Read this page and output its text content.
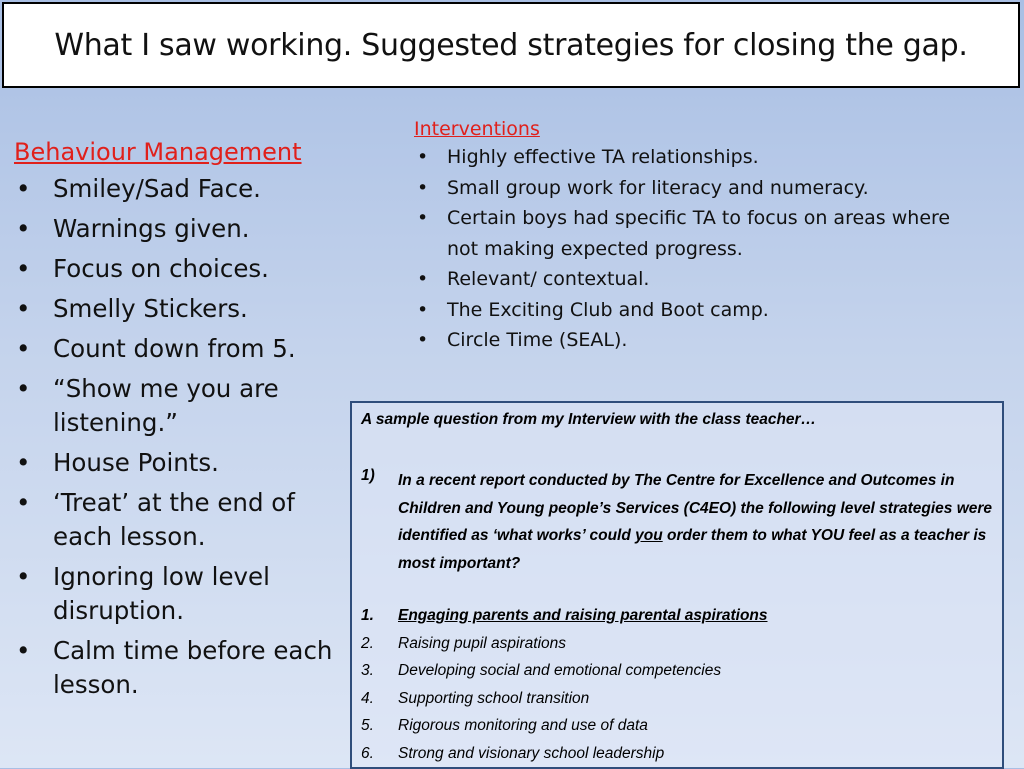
What I saw working. Suggested strategies for closing the gap.
Behaviour Management
• Smiley/Sad Face.
• Warnings given.
• Focus on choices.
• Smelly Stickers.
• Count down from 5.
• “Show me you are listening.”
• House Points.
• ‘Treat’ at the end of each lesson.
• Ignoring low level disruption.
• Calm time before each lesson.
Interventions
• Highly effective TA relationships.
• Small group work for literacy and numeracy.
• Certain boys had specific TA to focus on areas where not making expected progress.
• Relevant/ contextual.
• The Exciting Club and Boot camp.
• Circle Time (SEAL).
A sample question from my Interview with the class teacher…
1) In a recent report conducted by The Centre for Excellence and Outcomes in Children and Young people’s Services (C4EO) the following level strategies were identified as ‘what works’ could you order them to what YOU feel as a teacher is most important?
1. Engaging parents and raising parental aspirations
2. Raising pupil aspirations
3. Developing social and emotional competencies
4. Supporting school transition
5. Rigorous monitoring and use of data
6. Strong and visionary school leadership
